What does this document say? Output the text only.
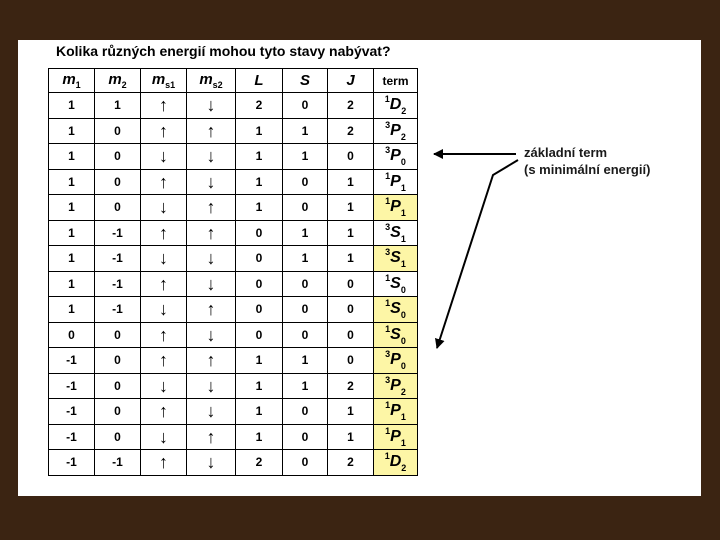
Kolika různých energií mohou tyto stavy nabývat?
$m_1$	$m_2$	$m_{s1}$	$m_{s2}$	L	S	J	term
1	1	↑	↓	2	0	2	$^1D_2$
1	0	↑	↑	1	1	2	$^3P_2$
1	0	↓	↓	1	1	0	$^3P_0$
1	0	↑	↓	1	0	1	$^1P_1$
1	0	↓	↑	1	0	1	$^1P_1$
1	-1	↑	↑	0	1	1	$^3S_1$
1	-1	↓	↓	0	1	1	$^3S_1$
1	-1	↑	↓	0	0	0	$^1S_0$
1	-1	↓	↑	0	0	0	$^1S_0$
0	0	↑	↓	0	0	0	$^1S_0$
-1	0	↑	↑	1	1	0	$^3P_0$
-1	0	↓	↓	1	1	2	$^3P_2$
-1	0	↑	↓	1	0	1	$^1P_1$
-1	0	↓	↑	1	0	1	$^1P_1$
-1	-1	↑	↓	2	0	2	$^1D_2$
základní term
(s minimální energií)
